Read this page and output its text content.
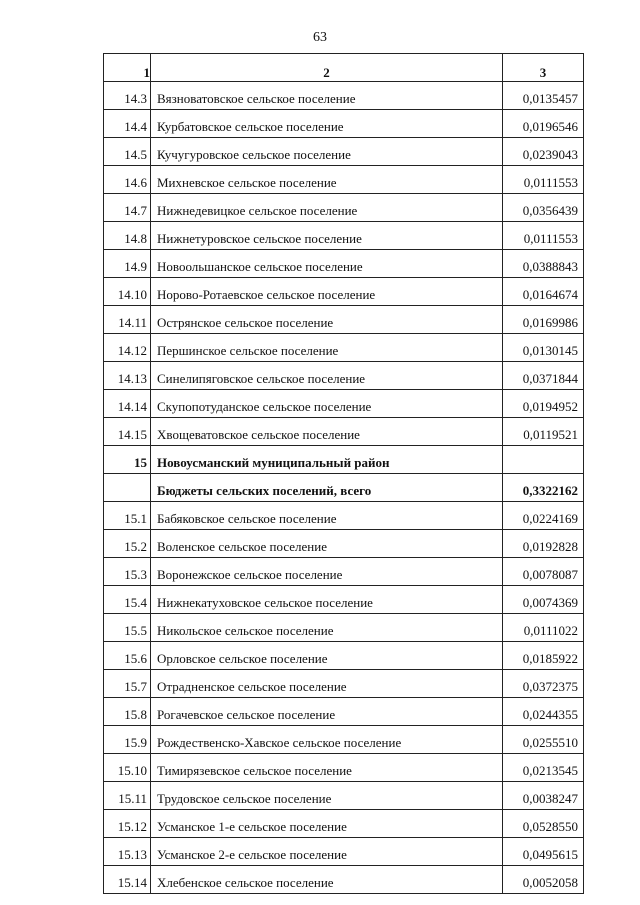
63
1	2	3
14.3	Вязноватовское сельское поселение	0,0135457
14.4	Курбатовское сельское поселение	0,0196546
14.5	Кучугуровское сельское поселение	0,0239043
14.6	Михневское сельское поселение	0,0111553
14.7	Нижнедевицкое сельское поселение	0,0356439
14.8	Нижнетуровское сельское поселение	0,0111553
14.9	Новоольшанское сельское поселение	0,0388843
14.10	Норово-Ротаевское сельское поселение	0,0164674
14.11	Острянское сельское поселение	0,0169986
14.12	Першинское сельское поселение	0,0130145
14.13	Синелипяговское сельское поселение	0,0371844
14.14	Скупопотуданское сельское поселение	0,0194952
14.15	Хвощеватовское сельское поселение	0,0119521
15	Новоусманский муниципальный район	
	Бюджеты сельских поселений, всего	0,3322162
15.1	Бабяковское сельское поселение	0,0224169
15.2	Воленское сельское поселение	0,0192828
15.3	Воронежское сельское поселение	0,0078087
15.4	Нижнекатуховское сельское поселение	0,0074369
15.5	Никольское сельское поселение	0,0111022
15.6	Орловское сельское поселение	0,0185922
15.7	Отрадненское сельское поселение	0,0372375
15.8	Рогачевское сельское поселение	0,0244355
15.9	Рождественско-Хавское сельское поселение	0,0255510
15.10	Тимирязевское сельское поселение	0,0213545
15.11	Трудовское сельское поселение	0,0038247
15.12	Усманское 1-е сельское поселение	0,0528550
15.13	Усманское 2-е сельское поселение	0,0495615
15.14	Хлебенское сельское поселение	0,0052058
